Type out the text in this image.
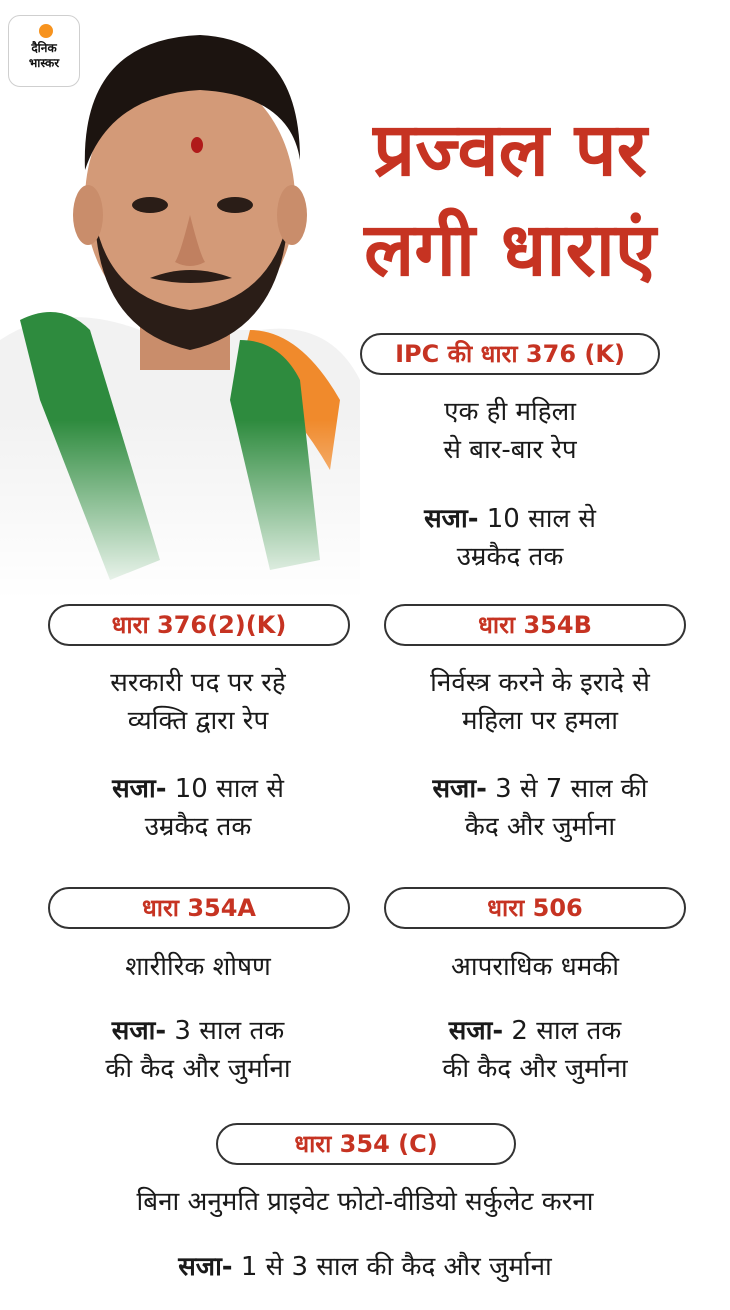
प्रज्वल पर
लगी धाराएं
IPC की धारा 376 (K)
एक ही महिला
से बार-बार रेप
सजा- 10 साल से
उम्रकैद तक
धारा 376(2)(K)
सरकारी पद पर रहे
व्यक्ति द्वारा रेप
सजा- 10 साल से
उम्रकैद तक
धारा 354B
निर्वस्त्र करने के इरादे से
महिला पर हमला
सजा- 3 से 7 साल की
कैद और जुर्माना
धारा 354A
शारीरिक शोषण
सजा- 3 साल तक
की कैद और जुर्माना
धारा 506
आपराधिक धमकी
सजा- 2 साल तक
की कैद और जुर्माना
धारा 354 (C)
बिना अनुमति प्राइवेट फोटो-वीडियो सर्कुलेट करना
सजा- 1 से 3 साल की कैद और जुर्माना
